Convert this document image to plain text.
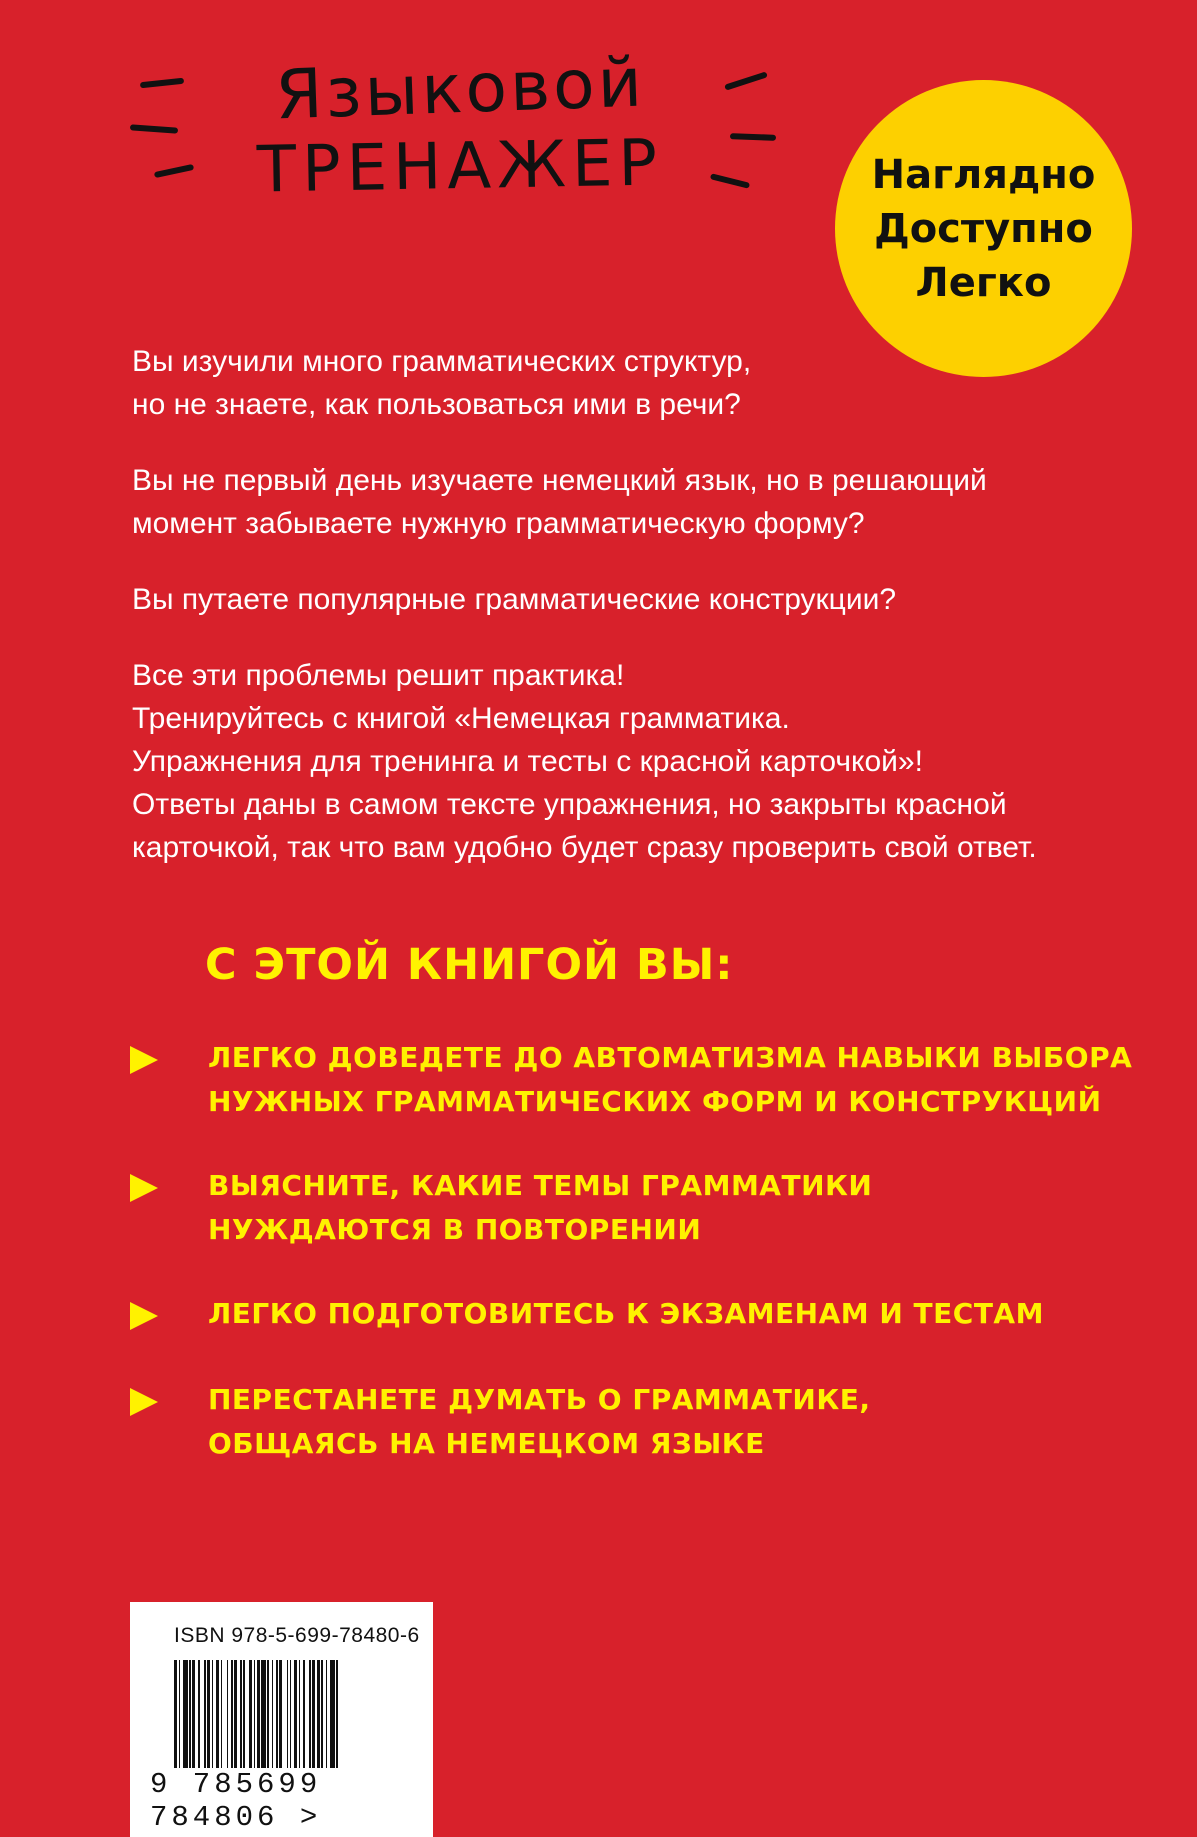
Языковой
ТРЕНАЖЕР	Наглядно
Доступно
Легко

Вы изучили много грамматических структур,
но не знаете, как пользоваться ими в речи?

Вы не первый день изучаете немецкий язык, но в решающий
момент забываете нужную грамматическую форму?

Вы путаете популярные грамматические конструкции?

Все эти проблемы решит практика!
Тренируйтесь с книгой «Немецкая грамматика.
Упражнения для тренинга и тесты с красной карточкой»!
Ответы даны в самом тексте упражнения, но закрыты красной
карточкой, так что вам удобно будет сразу проверить свой ответ.

С ЭТОЙ КНИГОЙ ВЫ:
ЛЕГКО ДОВЕДЕТЕ ДО АВТОМАТИЗМА НАВЫКИ ВЫБОРА
НУЖНЫХ ГРАММАТИЧЕСКИХ ФОРМ И КОНСТРУКЦИЙ
ВЫЯСНИТЕ, КАКИЕ ТЕМЫ ГРАММАТИКИ
НУЖДАЮТСЯ В ПОВТОРЕНИИ
ЛЕГКО ПОДГОТОВИТЕСЬ К ЭКЗАМЕНАМ И ТЕСТАМ
ПЕРЕСТАНЕТЕ ДУМАТЬ О ГРАММАТИКЕ,
ОБЩАЯСЬ НА НЕМЕЦКОМ ЯЗЫКЕ
ISBN 978-5-699-78480-6
9 785699 784806 >
